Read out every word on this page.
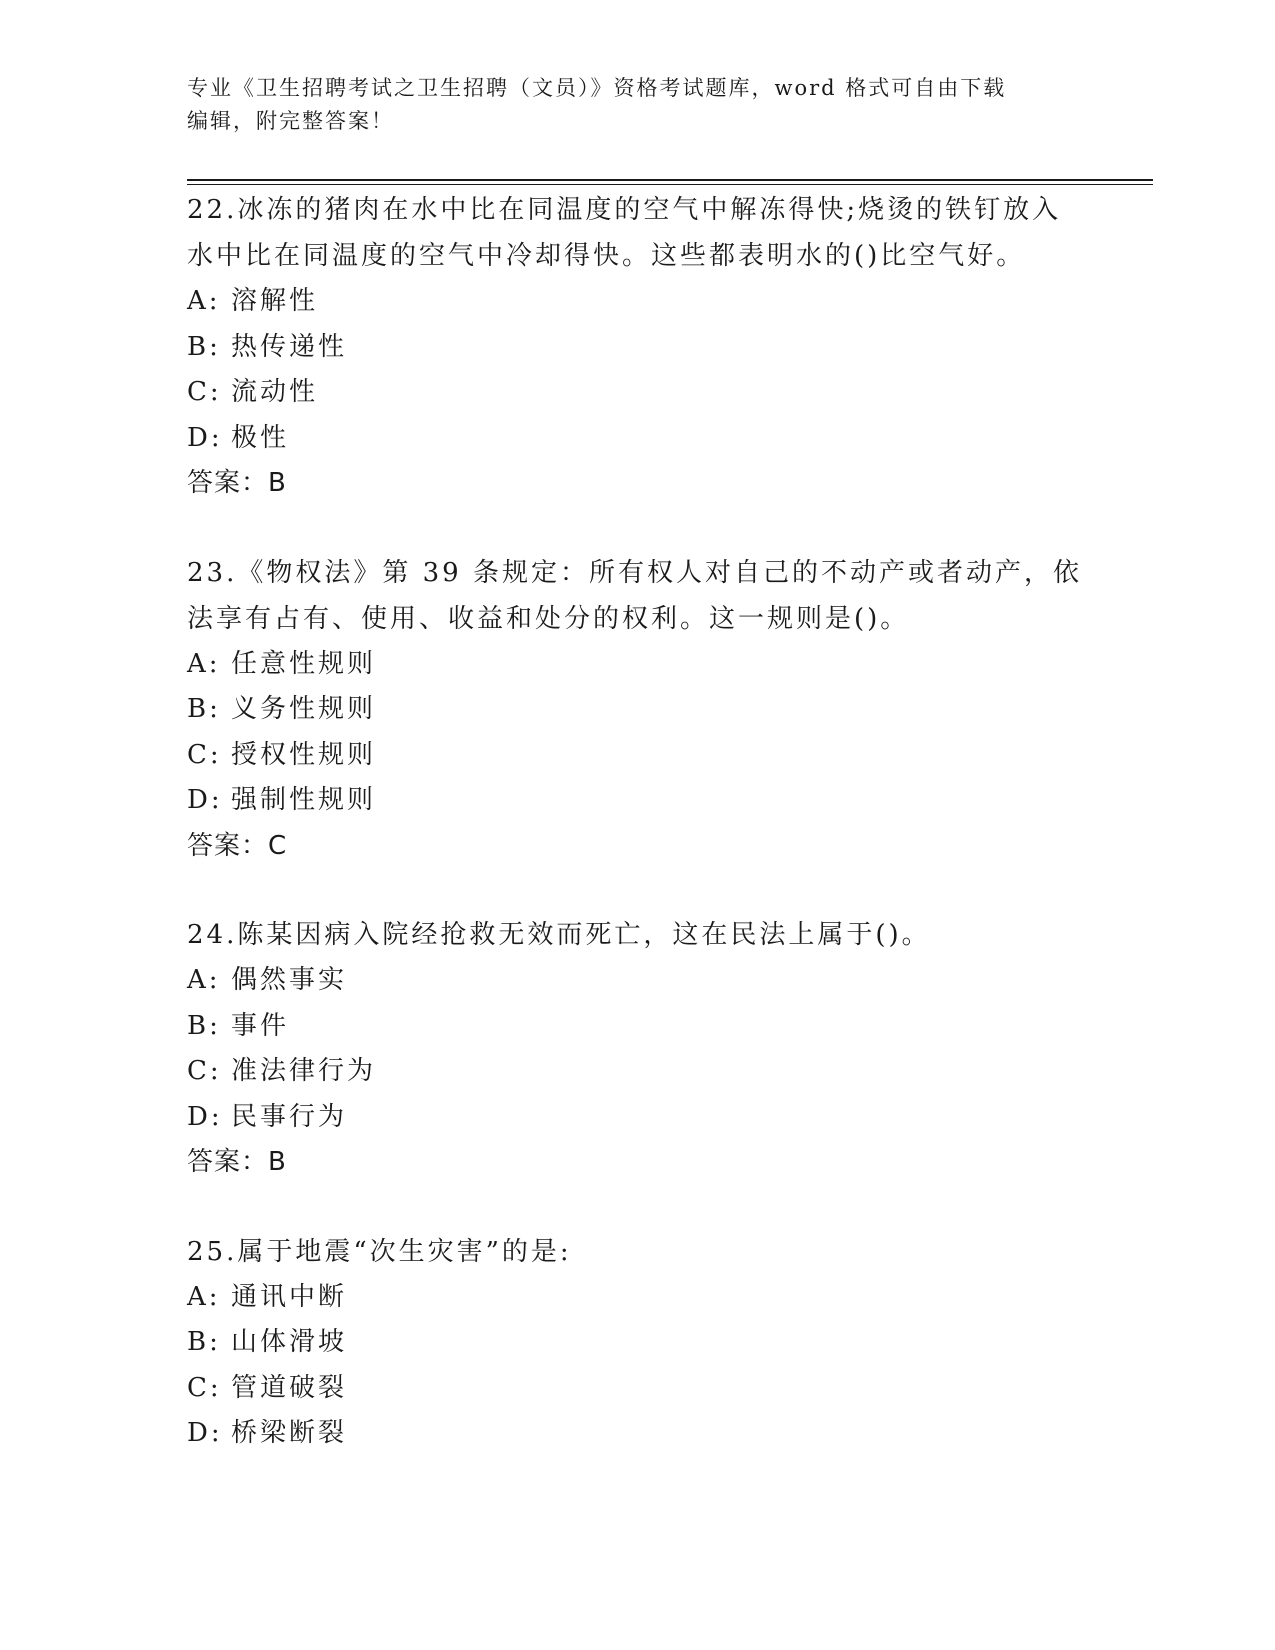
专业《卫生招聘考试之卫生招聘（文员）》资格考试题库，word 格式可自由下载
编辑，附完整答案！

22.冰冻的猪肉在水中比在同温度的空气中解冻得快;烧烫的铁钉放入
水中比在同温度的空气中冷却得快。这些都表明水的()比空气好。

A: 溶解性

B: 热传递性

C: 流动性

D: 极性

答案：B

23.《物权法》第 39 条规定：所有权人对自己的不动产或者动产，依
法享有占有、使用、收益和处分的权利。这一规则是()。

A: 任意性规则

B: 义务性规则

C: 授权性规则

D: 强制性规则

答案：C

24.陈某因病入院经抢救无效而死亡，这在民法上属于()。

A: 偶然事实

B: 事件

C: 准法律行为

D: 民事行为

答案：B

25.属于地震“次生灾害”的是:

A: 通讯中断

B: 山体滑坡

C: 管道破裂

D: 桥梁断裂
